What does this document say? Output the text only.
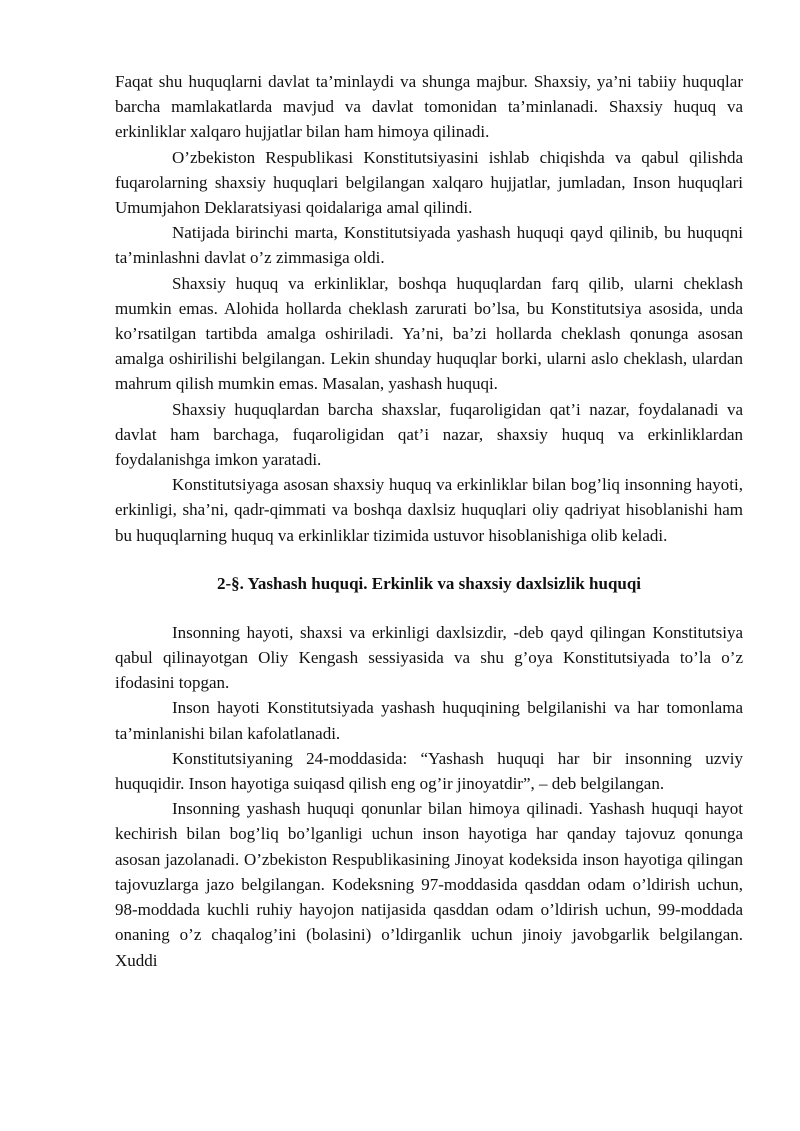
Faqat shu huquqlarni davlat ta’minlaydi va shunga majbur. Shaxsiy, ya’ni tabiiy huquqlar barcha mamlakatlarda mavjud va davlat tomonidan ta’minlanadi. Shaxsiy huquq va erkinliklar xalqaro hujjatlar bilan ham himoya qilinadi.

O’zbekiston Respublikasi Konstitutsiyasini ishlab chiqishda va qabul qilishda fuqarolarning shaxsiy huquqlari belgilangan xalqaro hujjatlar, jumladan, Inson huquqlari Umumjahon Deklaratsiyasi qoidalariga amal qilindi.

Natijada birinchi marta, Konstitutsiyada yashash huquqi qayd qilinib, bu huquqni ta’minlashni davlat o’z zimmasiga oldi.

Shaxsiy huquq va erkinliklar, boshqa huquqlardan farq qilib, ularni cheklash mumkin emas. Alohida hollarda cheklash zarurati bo’lsa, bu Konstitutsiya asosida, unda ko’rsatilgan tartibda amalga oshiriladi. Ya’ni, ba’zi hollarda cheklash qonunga asosan amalga oshirilishi belgilangan. Lekin shunday huquqlar borki, ularni aslo cheklash, ulardan mahrum qilish mumkin emas. Masalan, yashash huquqi.

Shaxsiy huquqlardan barcha shaxslar, fuqaroligidan qat’i nazar, foydalanadi va davlat ham barchaga, fuqaroligidan qat’i nazar, shaxsiy huquq va erkinliklardan foydalanishga imkon yaratadi.

Konstitutsiyaga asosan shaxsiy huquq va erkinliklar bilan bog’liq insonning hayoti, erkinligi, sha’ni, qadr-qimmati va boshqa daxlsiz huquqlari oliy qadriyat hisoblanishi ham bu huquqlarning huquq va erkinliklar tizimida ustuvor hisoblanishiga olib keladi.

2-§. Yashash huquqi. Erkinlik va shaxsiy daxlsizlik huquqi

Insonning hayoti, shaxsi va erkinligi daxlsizdir, -deb qayd qilingan Konstitutsiya qabul qilinayotgan Oliy Kengash sessiyasida va shu g’oya Konstitutsiyada to’la o’z ifodasini topgan.

Inson hayoti Konstitutsiyada yashash huquqining belgilanishi va har tomonlama ta’minlanishi bilan kafolatlanadi.

Konstitutsiyaning 24-moddasida: “Yashash huquqi har bir insonning uzviy huquqidir. Inson hayotiga suiqasd qilish eng og’ir jinoyatdir”, – deb belgilangan.

Insonning yashash huquqi qonunlar bilan himoya qilinadi. Yashash huquqi hayot kechirish bilan bog’liq bo’lganligi uchun inson hayotiga har qanday tajovuz qonunga asosan jazolanadi. O’zbekiston Respublikasining Jinoyat kodeksida inson hayotiga qilingan tajovuzlarga jazo belgilangan. Kodeksning 97-moddasida qasddan odam o’ldirish uchun, 98-moddada kuchli ruhiy hayojon natijasida qasddan odam o’ldirish uchun, 99-moddada onaning o’z chaqalog’ini (bolasini) o’ldirganlik uchun jinoiy javobgarlik belgilangan. Xuddi
